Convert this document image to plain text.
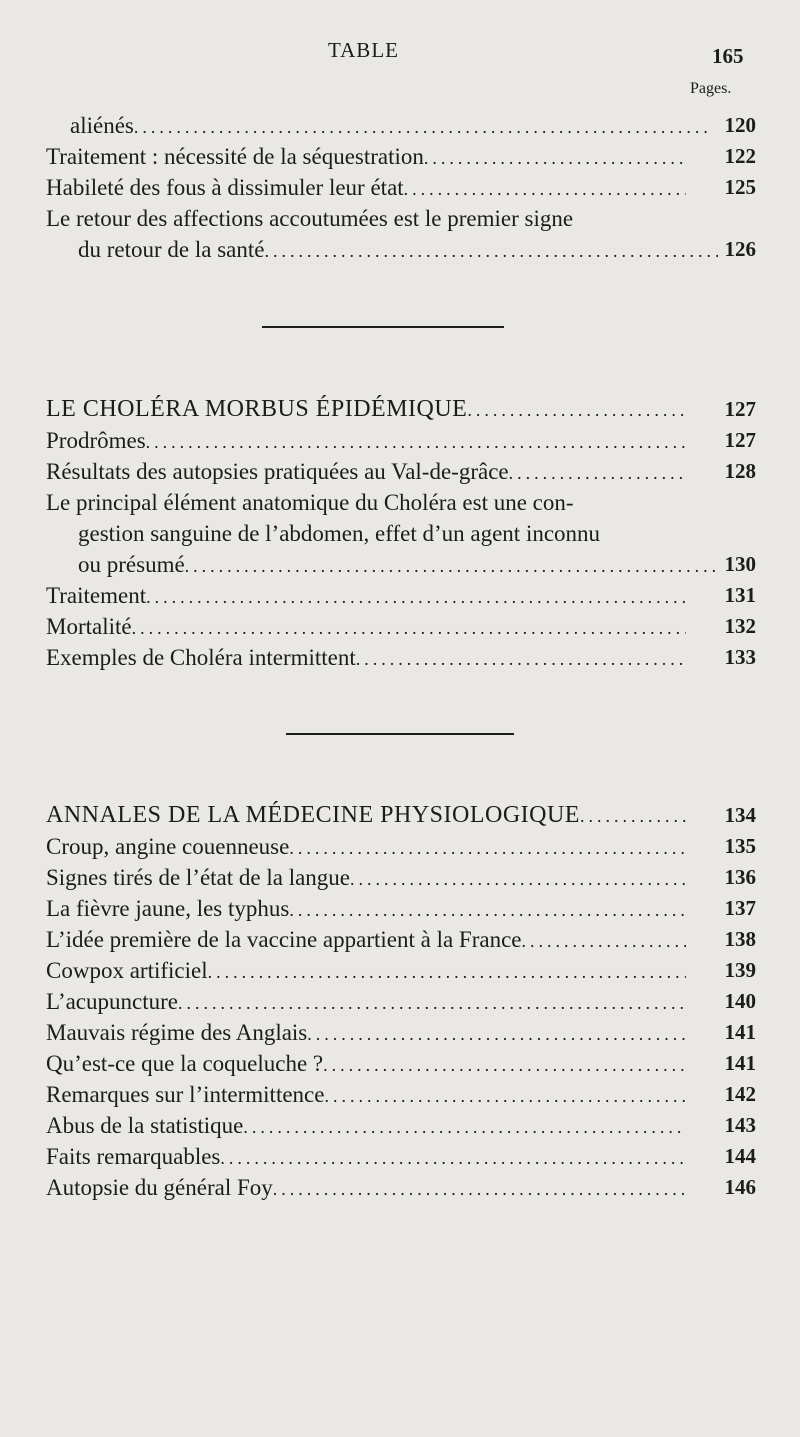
TABLE	165
Pages.
aliénés .....	120
Traitement : nécessité de la séquestration .....	122
Habileté des fous à dissimuler leur état .....	125
Le retour des affections accoutumées est le premier signe
du retour de la santé .....	126
LE CHOLÉRA MORBUS ÉPIDÉMIQUE .....	127
Prodrômes .....	127
Résultats des autopsies pratiquées au Val-de-grâce .....	128
Le principal élément anatomique du Choléra est une con-
gestion sanguine de l’abdomen, effet d’un agent inconnu
ou présumé .....	130
Traitement .....	131
Mortalité .....	132
Exemples de Choléra intermittent .....	133
ANNALES DE LA MÉDECINE PHYSIOLOGIQUE .....	134
Croup, angine couenneuse .....	135
Signes tirés de l’état de la langue .....	136
La fièvre jaune, les typhus .....	137
L’idée première de la vaccine appartient à la France .....	138
Cowpox artificiel .....	139
L’acupuncture .....	140
Mauvais régime des Anglais .....	141
Qu’est-ce que la coqueluche ? .....	141
Remarques sur l’intermittence .....	142
Abus de la statistique .....	143
Faits remarquables .....	144
Autopsie du général Foy .....	146
